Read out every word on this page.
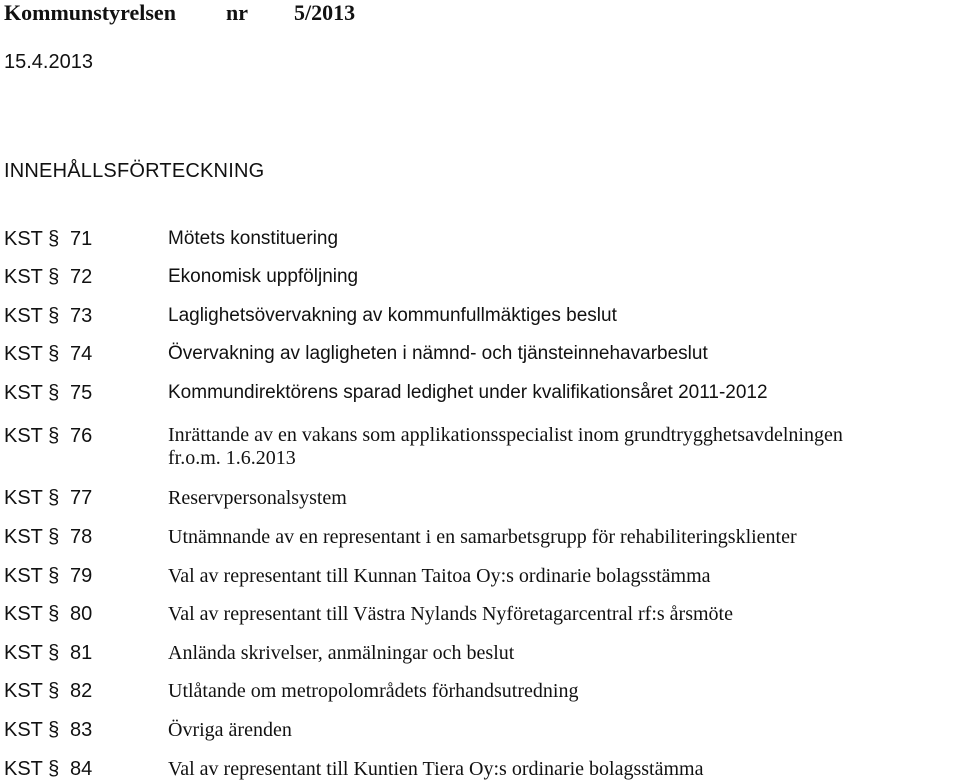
Kommunstyrelsen nr 5/2013
15.4.2013
INNEHÅLLSFÖRTECKNING
KST § 71	Mötets konstituering
KST § 72	Ekonomisk uppföljning
KST § 73	Laglighetsövervakning av kommunfullmäktiges beslut
KST § 74	Övervakning av lagligheten i nämnd- och tjänsteinnehavarbeslut
KST § 75	Kommundirektörens sparad ledighet under kvalifikationsåret 2011-2012
KST § 76	Inrättande av en vakans som applikationsspecialist inom grundtrygghetsavdelningen
fr.o.m. 1.6.2013
KST § 77	Reservpersonalsystem
KST § 78	Utnämnande av en representant i en samarbetsgrupp för rehabiliteringsklienter
KST § 79	Val av representant till Kunnan Taitoa Oy:s ordinarie bolagsstämma
KST § 80	Val av representant till Västra Nylands Nyföretagarcentral rf:s årsmöte
KST § 81	Anlända skrivelser, anmälningar och beslut
KST § 82	Utlåtande om metropolområdets förhandsutredning
KST § 83	Övriga ärenden
KST § 84	Val av representant till Kuntien Tiera Oy:s ordinarie bolagsstämma
